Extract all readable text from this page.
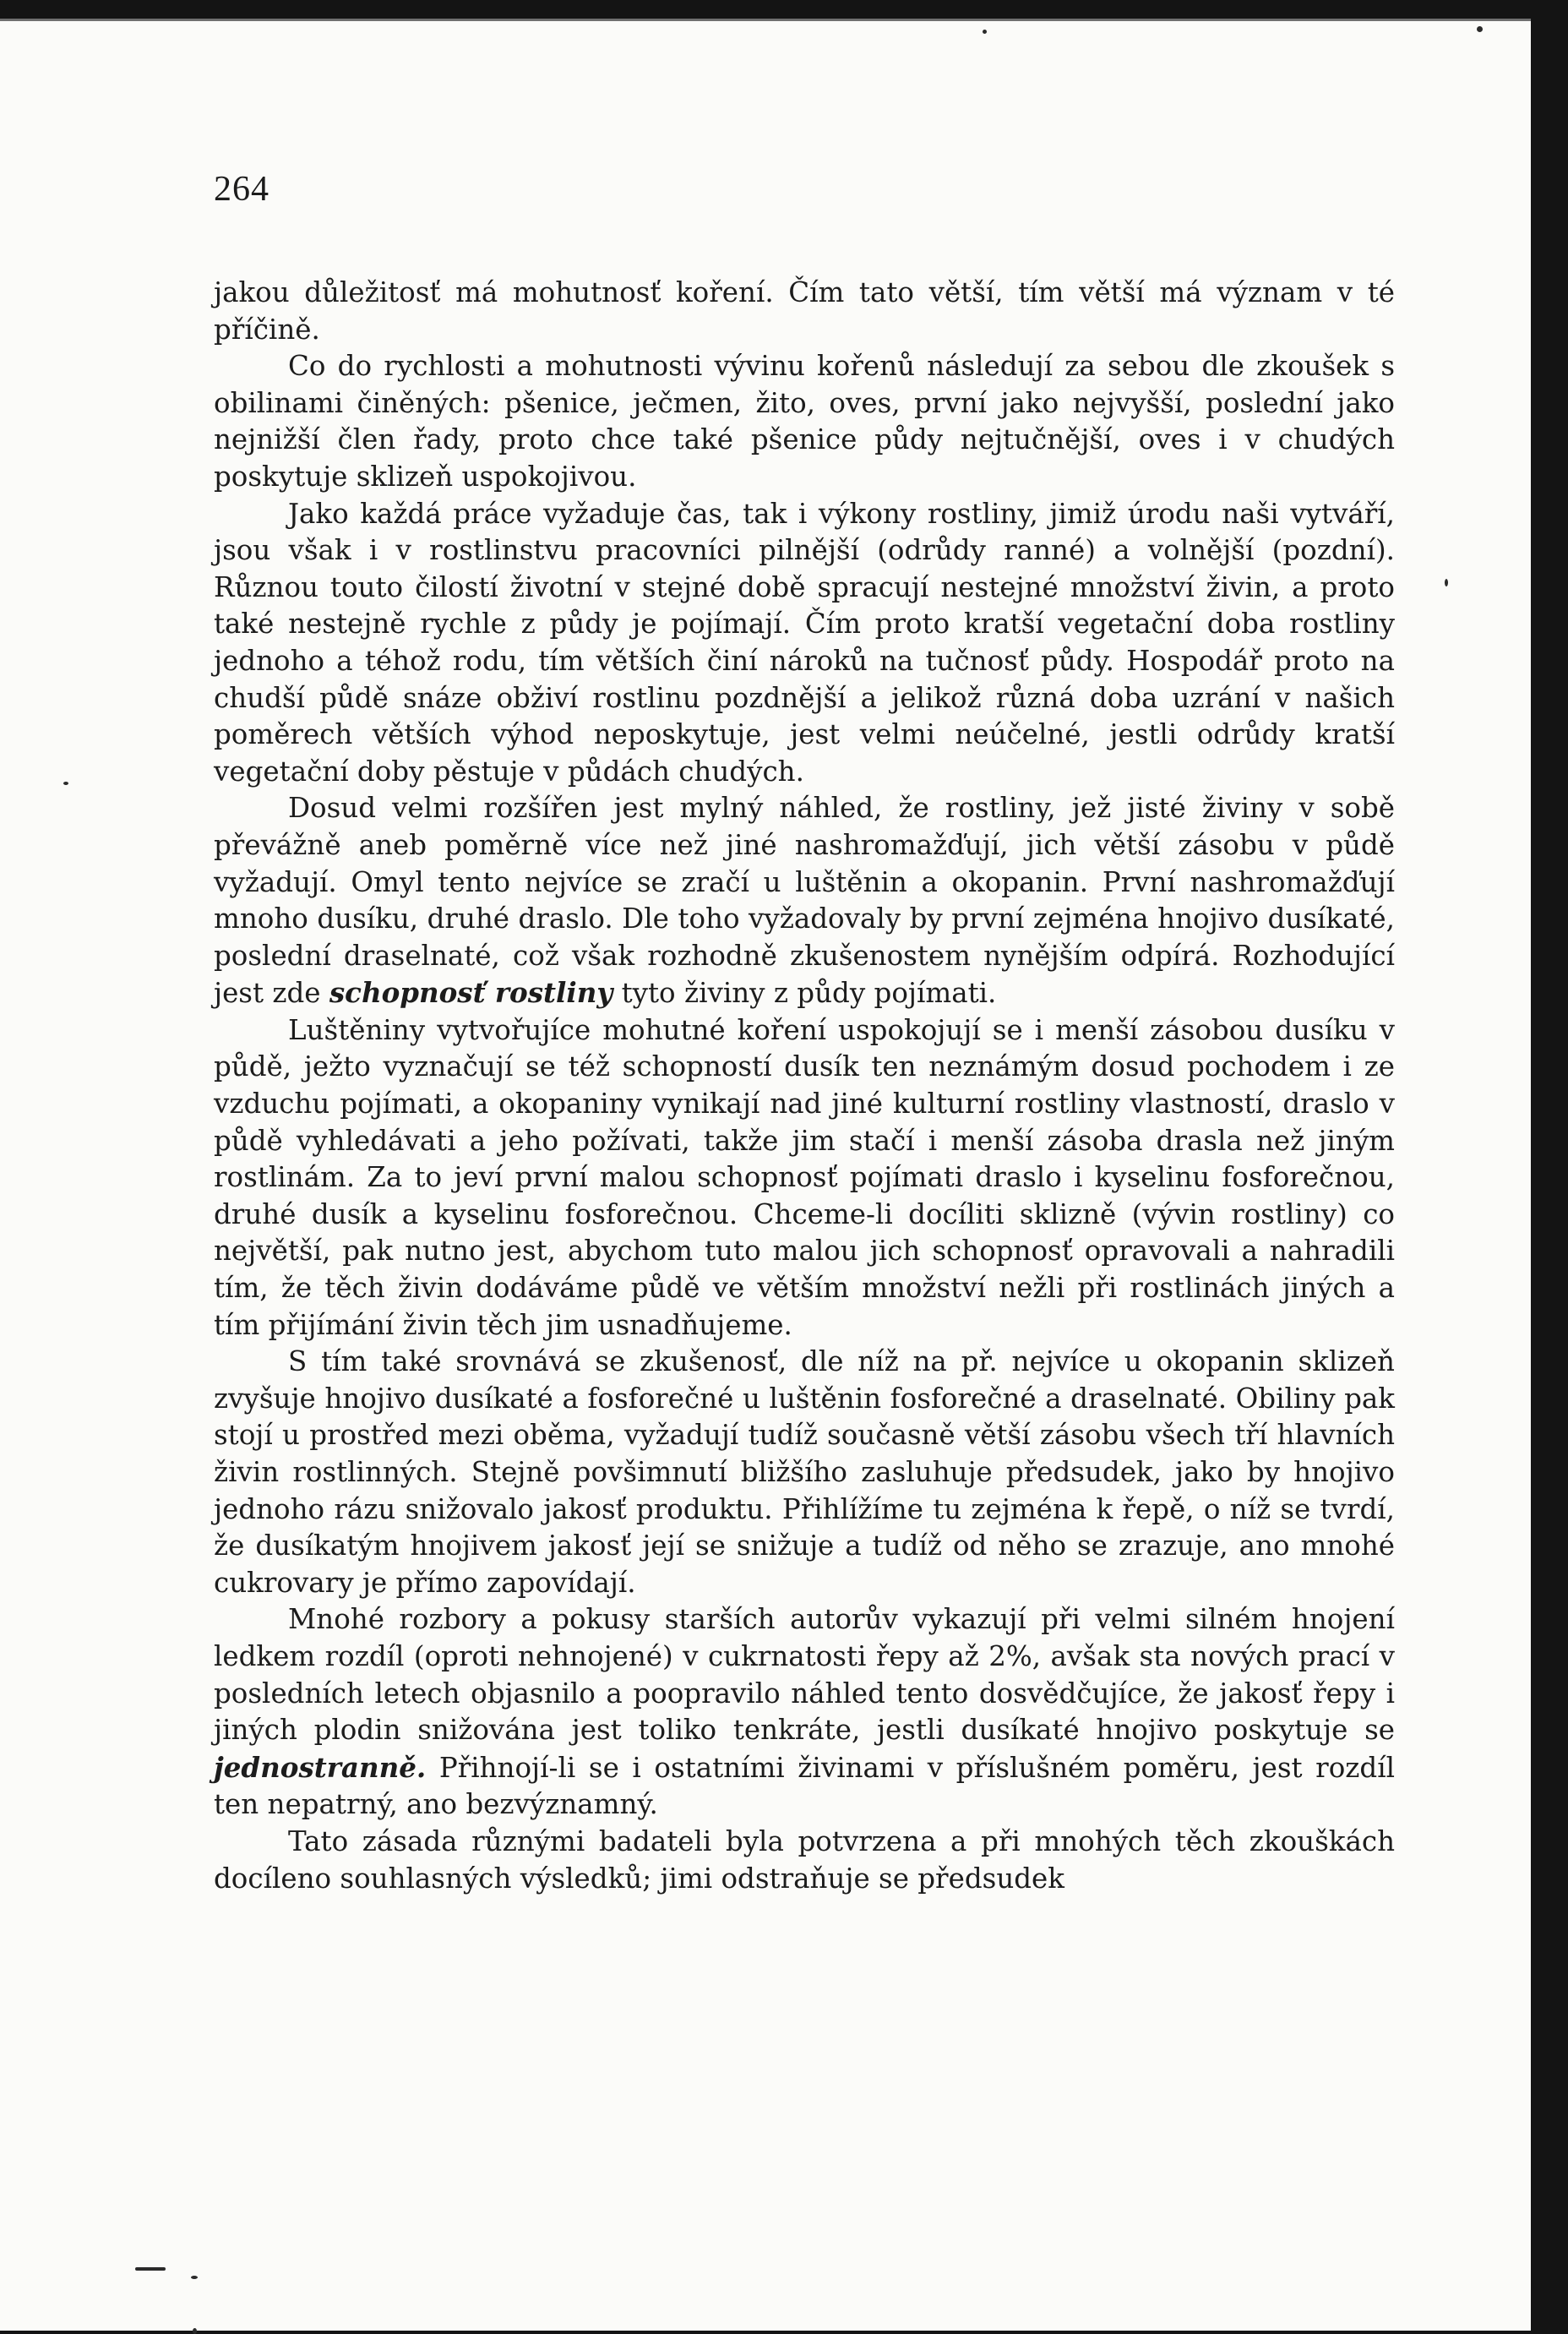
264

jakou důležitosť má mohutnosť koření. Čím tato větší, tím větší má význam v té příčině.

Co do rychlosti a mohutnosti vývinu kořenů následují za sebou dle zkoušek s obilinami činěných: pšenice, ječmen, žito, oves, první jako nejvyšší, poslední jako nejnižší člen řady, proto chce také pšenice půdy nejtučnější, oves i v chudých poskytuje sklizeň uspokojivou.

Jako každá práce vyžaduje čas, tak i výkony rostliny, jimiž úrodu naši vytváří, jsou však i v rostlinstvu pracovníci pilnější (odrůdy ranné) a volnější (pozdní). Různou touto čilostí životní v stejné době spracují nestejné množství živin, a proto také nestejně rychle z půdy je pojímají. Čím proto kratší vegetační doba rostliny jednoho a téhož rodu, tím větších činí nároků na tučnosť půdy. Hospodář proto na chudší půdě snáze obživí rostlinu pozdnější a jelikož různá doba uzrání v našich poměrech větších výhod neposkytuje, jest velmi neúčelné, jestli odrůdy kratší vegetační doby pěstuje v půdách chudých.

Dosud velmi rozšířen jest mylný náhled, že rostliny, jež jisté živiny v sobě převážně aneb poměrně více než jiné nashromažďují, jich větší zásobu v půdě vyžadují. Omyl tento nejvíce se zračí u luštěnin a okopanin. První nashromažďují mnoho dusíku, druhé draslo. Dle toho vyžadovaly by první zejména hnojivo dusíkaté, poslední draselnaté, což však rozhodně zkušenostem nynějším odpírá. Rozhodující jest zde schopnosť rostliny tyto živiny z půdy pojímati.

Luštěniny vytvořujíce mohutné koření uspokojují se i menší zásobou dusíku v půdě, ježto vyznačují se též schopností dusík ten neznámým dosud pochodem i ze vzduchu pojímati, a okopaniny vynikají nad jiné kulturní rostliny vlastností, draslo v půdě vyhledávati a jeho požívati, takže jim stačí i menší zásoba drasla než jiným rostlinám. Za to jeví první malou schopnosť pojímati draslo i kyselinu fosforečnou, druhé dusík a kyselinu fosforečnou. Chceme-li docíliti sklizně (vývin rostliny) co největší, pak nutno jest, abychom tuto malou jich schopnosť opravovali a nahradili tím, že těch živin dodáváme půdě ve větším množství nežli při rostlinách jiných a tím přijímání živin těch jim usnadňujeme.

S tím také srovnává se zkušenosť, dle níž na př. nejvíce u okopanin sklizeň zvyšuje hnojivo dusíkaté a fosforečné u luštěnin fosforečné a draselnaté. Obiliny pak stojí u prostřed mezi oběma, vyžadují tudíž současně větší zásobu všech tří hlavních živin rostlinných. Stejně povšimnutí bližšího zasluhuje předsudek, jako by hnojivo jednoho rázu snižovalo jakosť produktu. Přihlížíme tu zejména k řepě, o níž se tvrdí, že dusíkatým hnojivem jakosť její se snižuje a tudíž od něho se zrazuje, ano mnohé cukrovary je přímo zapovídají.

Mnohé rozbory a pokusy starších autorův vykazují při velmi silném hnojení ledkem rozdíl (oproti nehnojené) v cukrnatosti řepy až 2%, avšak sta nových prací v posledních letech objasnilo a poopravilo náhled tento dosvědčujíce, že jakosť řepy i jiných plodin snižována jest toliko tenkráte, jestli dusíkaté hnojivo poskytuje se jednostranně. Přihnojí-li se i ostatními živinami v příslušném poměru, jest rozdíl ten nepatrný, ano bezvýznamný.

Tato zásada různými badateli byla potvrzena a při mnohých těch zkouškách docíleno souhlasných výsledků; jimi odstraňuje se předsudek
